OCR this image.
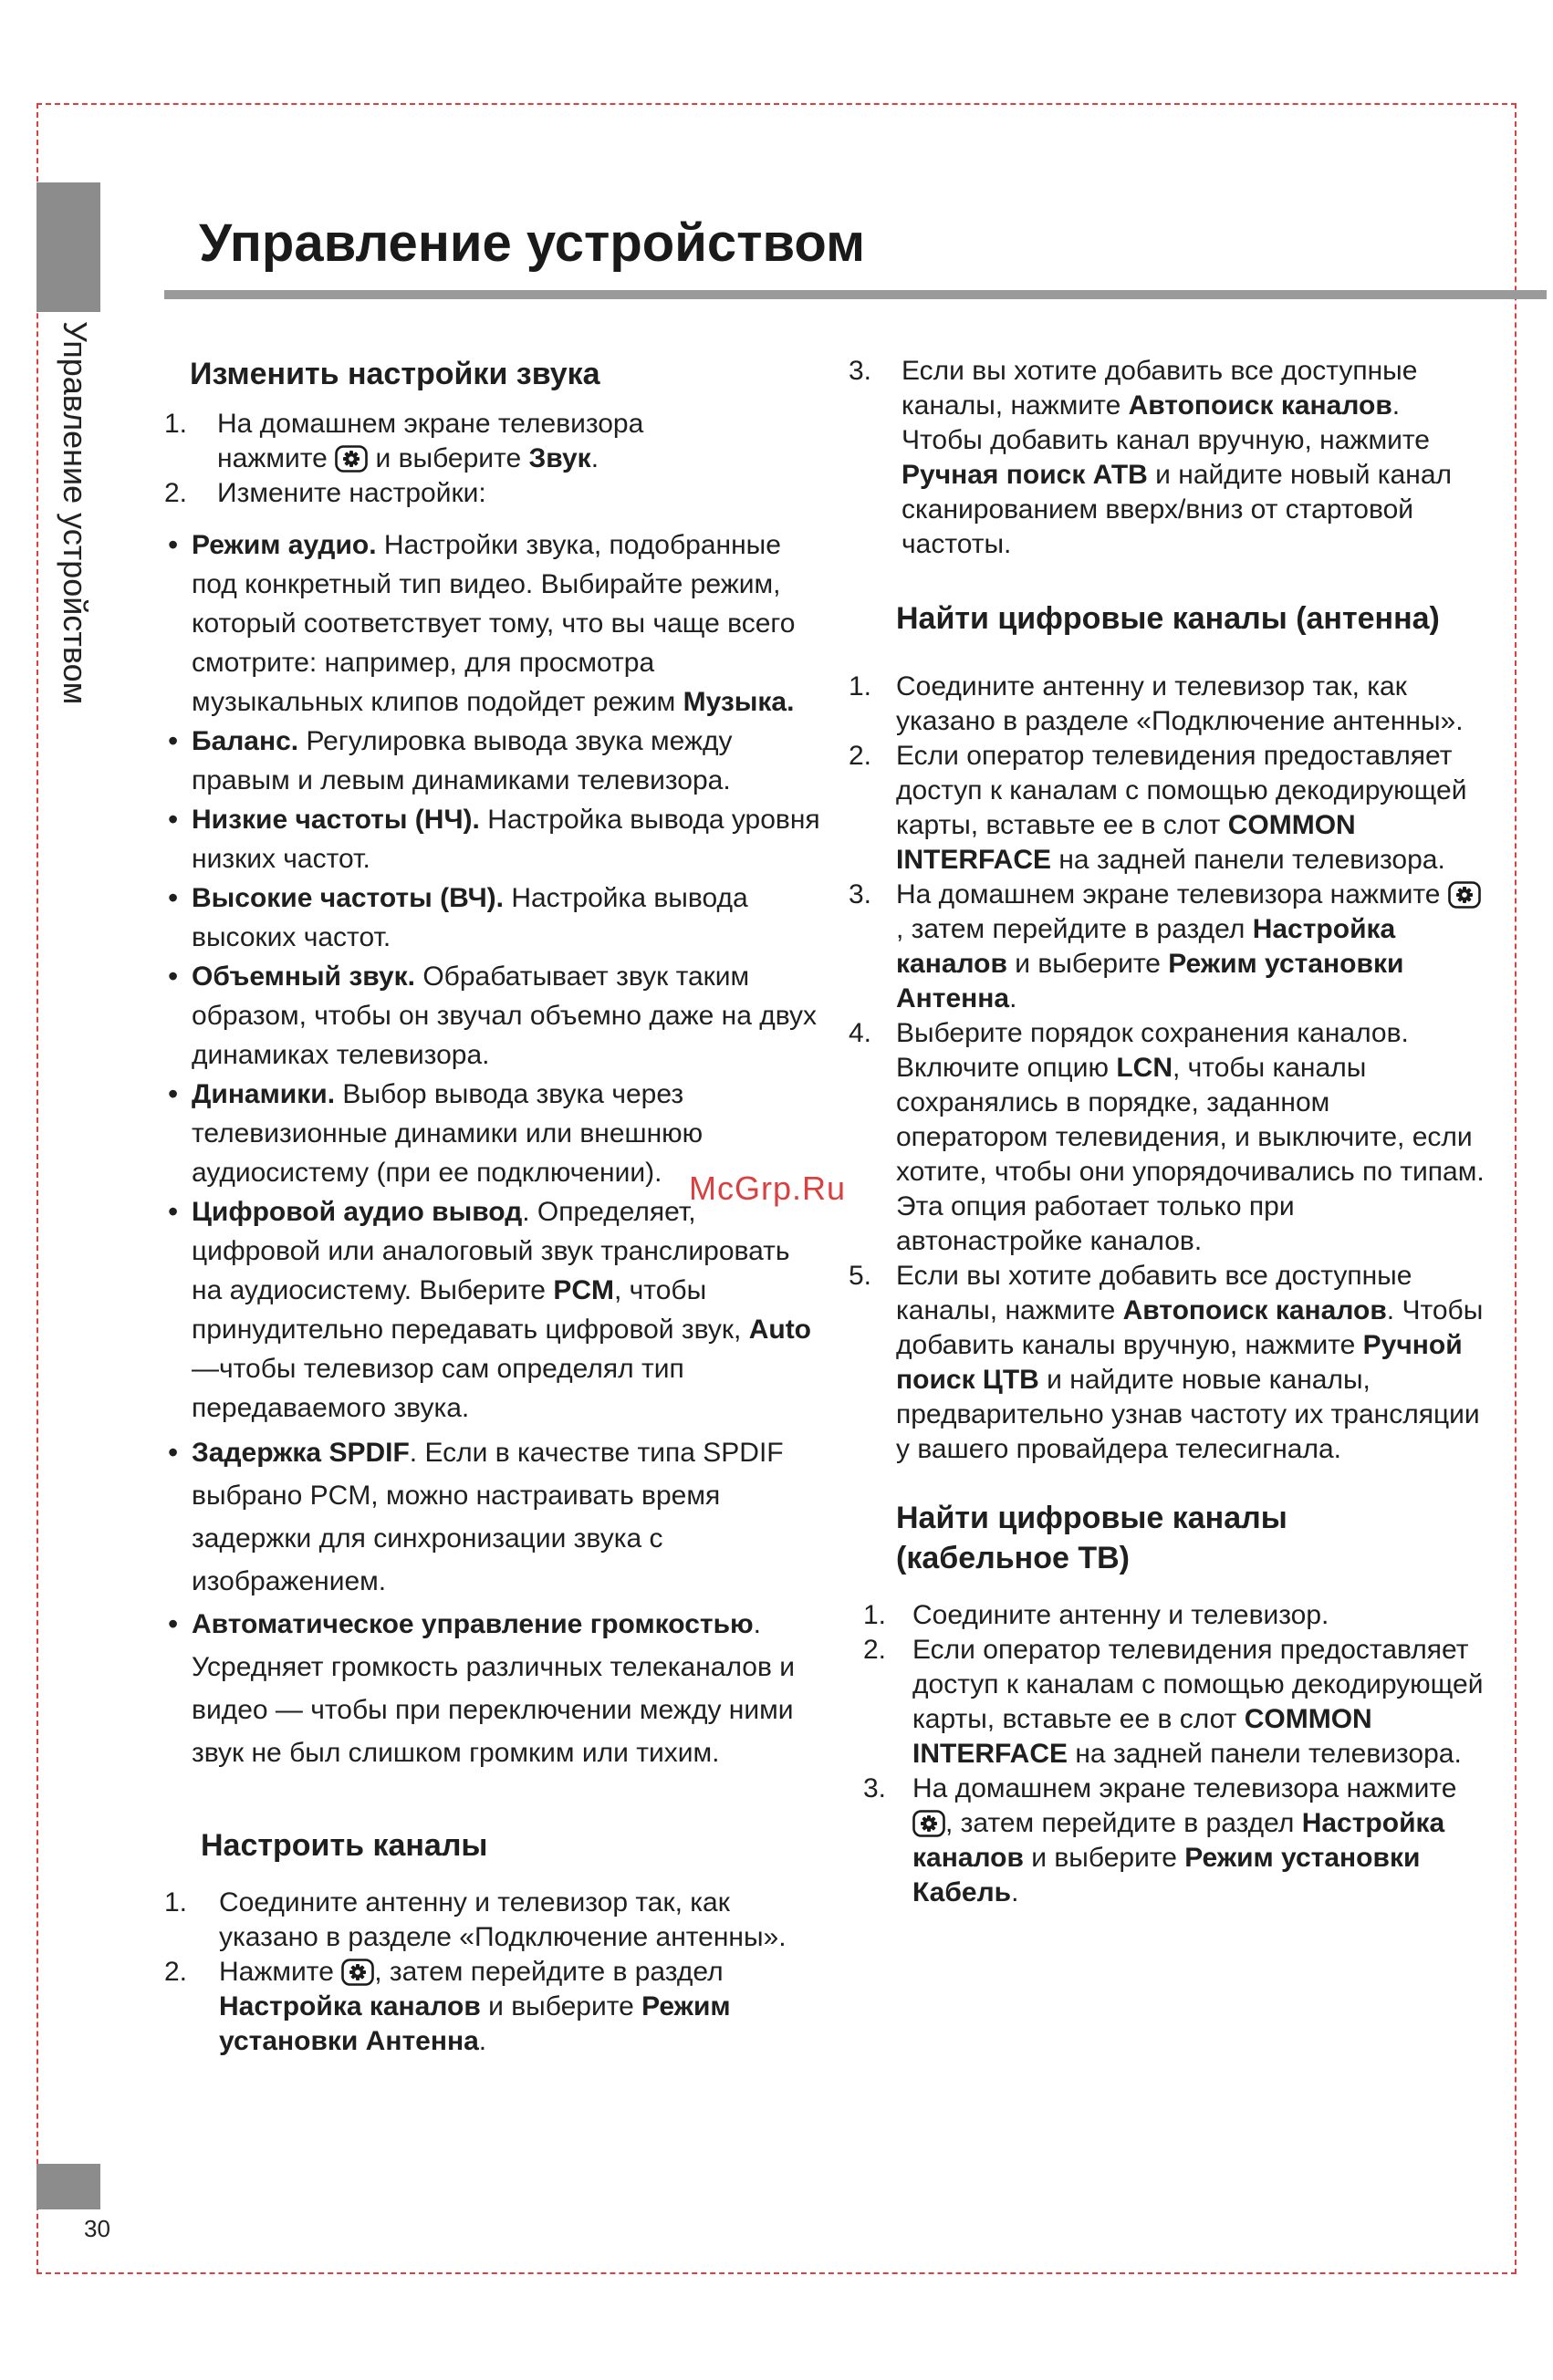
Управление устройством
Управление устройством
30
Изменить настройки звука
1.	На домашнем экране телевизора
нажмите и выберите Звук.
2.	Измените настройки:
• Режим аудио. Настройки звука, подобранные под конкретный тип видео. Выбирайте режим, который соответствует тому, что вы чаще всего смотрите: например, для просмотра музыкальных клипов подойдет режим Музыка.
• Баланс. Регулировка вывода звука между правым и левым динамиками телевизора.
• Низкие частоты (НЧ). Настройка вывода уровня низких частот.
• Высокие частоты (ВЧ). Настройка вывода высоких частот.
• Объемный звук. Обрабатывает звук таким образом, чтобы он звучал объемно даже на двух динамиках телевизора.
• Динамики. Выбор вывода звука через телевизионные динамики или внешнюю аудиосистему (при ее подключении).
• Цифровой аудио вывод. Определяет, цифровой или аналоговый звук транслировать на аудиосистему. Выберите PCM, чтобы принудительно передавать цифровой звук, Auto —чтобы телевизор сам определял тип передаваемого звука.
• Задержка SPDIF. Если в качестве типа SPDIF выбрано PCM, можно настраивать время задержки для синхронизации звука с изображением.
• Автоматическое управление громкостью. Усредняет громкость различных телеканалов и видео — чтобы при переключении между ними звук не был слишком громким или тихим.
Настроить каналы
1.	Соедините антенну и телевизор так, как указано в разделе «Подключение антенны».
2.	Нажмите , затем перейдите в раздел Настройка каналов и выберите Режим установки Антенна.
3.	Если вы хотите добавить все доступные каналы, нажмите Автопоиск каналов. Чтобы добавить канал вручную, нажмите Ручная поиск АТВ и найдите новый канал сканированием вверх/вниз от стартовой частоты.
Найти цифровые каналы (антенна)
1. Соедините антенну и телевизор так, как указано в разделе «Подключение антенны».
2. Если оператор телевидения предоставляет доступ к каналам с помощью декодирующей карты, вставьте ее в слот COMMON INTERFACE на задней панели телевизора.
3. На домашнем экране телевизора нажмите , затем перейдите в раздел Настройка каналов и выберите Режим установки Антенна.
4. Выберите порядок сохранения каналов. Включите опцию LCN, чтобы каналы сохранялись в порядке, заданном оператором телевидения, и выключите, если хотите, чтобы они упорядочивались по типам. Эта опция работает только при автонастройке каналов.
5. Если вы хотите добавить все доступные каналы, нажмите Автопоиск каналов. Чтобы добавить каналы вручную, нажмите Ручной поиск ЦТВ и найдите новые каналы, предварительно узнав частоту их трансляции у вашего провайдера телесигнала.
Найти цифровые каналы (кабельное ТВ)
1. Соедините антенну и телевизор.
2. Если оператор телевидения предоставляет доступ к каналам с помощью декодирующей карты, вставьте ее в слот COMMON INTERFACE на задней панели телевизора.
3. На домашнем экране телевизора нажмите , затем перейдите в раздел Настройка каналов и выберите Режим установки Кабель.
McGrp.Ru
